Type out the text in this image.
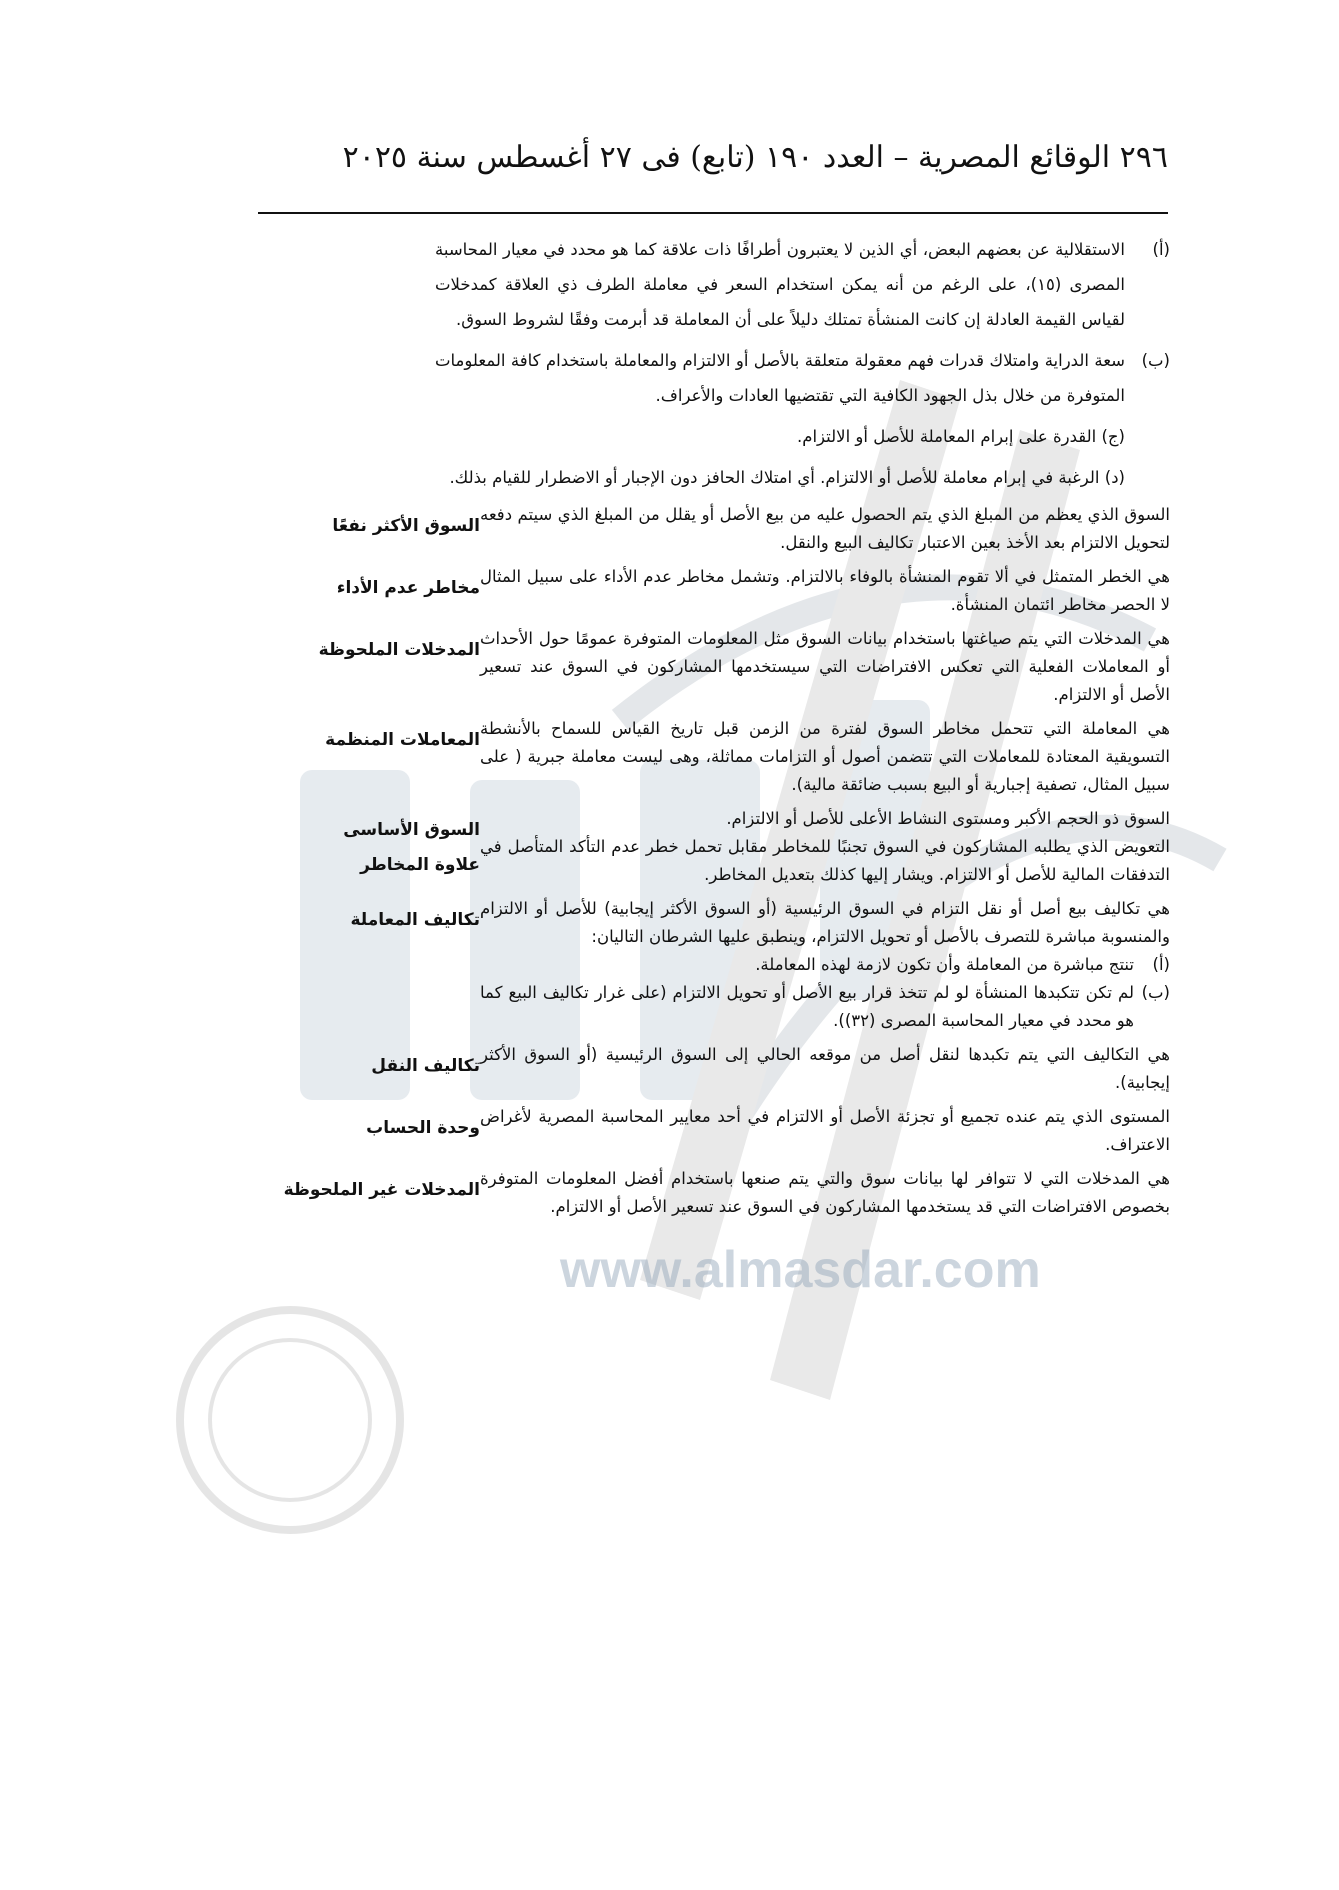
www.almasdar.com
٢٩٦ الوقائع المصرية – العدد ١٩٠ (تابع) فى ٢٧ أغسطس سنة ٢٠٢٥
(أ)
الاستقلالية عن بعضهم البعض، أي الذين لا يعتبرون أطرافًا ذات علاقة كما هو محدد في معيار المحاسبة المصرى (١٥)، على الرغم من أنه يمكن استخدام السعر في معاملة الطرف ذي العلاقة كمدخلات لقياس القيمة العادلة إن كانت المنشأة تمتلك دليلاً على أن المعاملة قد أبرمت وفقًا لشروط السوق.
(ب)
سعة الدراية وامتلاك قدرات فهم معقولة متعلقة بالأصل أو الالتزام والمعاملة باستخدام كافة المعلومات المتوفرة من خلال بذل الجهود الكافية التي تقتضيها العادات والأعراف.
(ج) القدرة على إبرام المعاملة للأصل أو الالتزام.
(د) الرغبة في إبرام معاملة للأصل أو الالتزام. أي امتلاك الحافز دون الإجبار أو الاضطرار للقيام بذلك.

السوق الذي يعظم من المبلغ الذي يتم الحصول عليه من بيع الأصل أو يقلل من المبلغ الذي سيتم دفعه لتحويل الالتزام بعد الأخذ بعين الاعتبار تكاليف البيع والنقل.

السوق الأكثر نفعًا

هي الخطر المتمثل في ألا تقوم المنشأة بالوفاء بالالتزام. وتشمل مخاطر عدم الأداء على سبيل المثال لا الحصر مخاطر ائتمان المنشأة.

مخاطر عدم الأداء

هي المدخلات التي يتم صياغتها باستخدام بيانات السوق مثل المعلومات المتوفرة عمومًا حول الأحداث أو المعاملات الفعلية التي تعكس الافتراضات التي سيستخدمها المشاركون في السوق عند تسعير الأصل أو الالتزام.

المدخلات الملحوظة

هي المعاملة التي تتحمل مخاطر السوق لفترة من الزمن قبل تاريخ القياس للسماح بالأنشطة التسويقية المعتادة للمعاملات التي تتضمن أصول أو التزامات مماثلة، وهى ليست معاملة جبرية ( على سبيل المثال، تصفية إجبارية أو البيع بسبب ضائقة مالية).

المعاملات المنظمة

السوق ذو الحجم الأكبر ومستوى النشاط الأعلى للأصل أو الالتزام.

التعويض الذي يطلبه المشاركون في السوق تجنبًا للمخاطر مقابل تحمل خطر عدم التأكد المتأصل في التدفقات المالية للأصل أو الالتزام. ويشار إليها كذلك بتعديل المخاطر.

السوق الأساسى
علاوة المخاطر

هي تكاليف بيع أصل أو نقل التزام في السوق الرئيسية (أو السوق الأكثر إيجابية) للأصل أو الالتزام والمنسوبة مباشرة للتصرف بالأصل أو تحويل الالتزام، وينطبق عليها الشرطان التاليان:

(أ)
تنتج مباشرة من المعاملة وأن تكون لازمة لهذه المعاملة.

(ب)
لم تكن تتكبدها المنشأة لو لم تتخذ قرار بيع الأصل أو تحويل الالتزام (على غرار تكاليف البيع كما هو محدد في معيار المحاسبة المصرى (٣٢)).

تكاليف المعاملة

هي التكاليف التي يتم تكبدها لنقل أصل من موقعه الحالي إلى السوق الرئيسية (أو السوق الأكثر إيجابية).

تكاليف النقل

المستوى الذي يتم عنده تجميع أو تجزئة الأصل أو الالتزام في أحد معايير المحاسبة المصرية لأغراض الاعتراف.

وحدة الحساب

هي المدخلات التي لا تتوافر لها بيانات سوق والتي يتم صنعها باستخدام أفضل المعلومات المتوفرة بخصوص الافتراضات التي قد يستخدمها المشاركون في السوق عند تسعير الأصل أو الالتزام.

المدخلات غير الملحوظة
